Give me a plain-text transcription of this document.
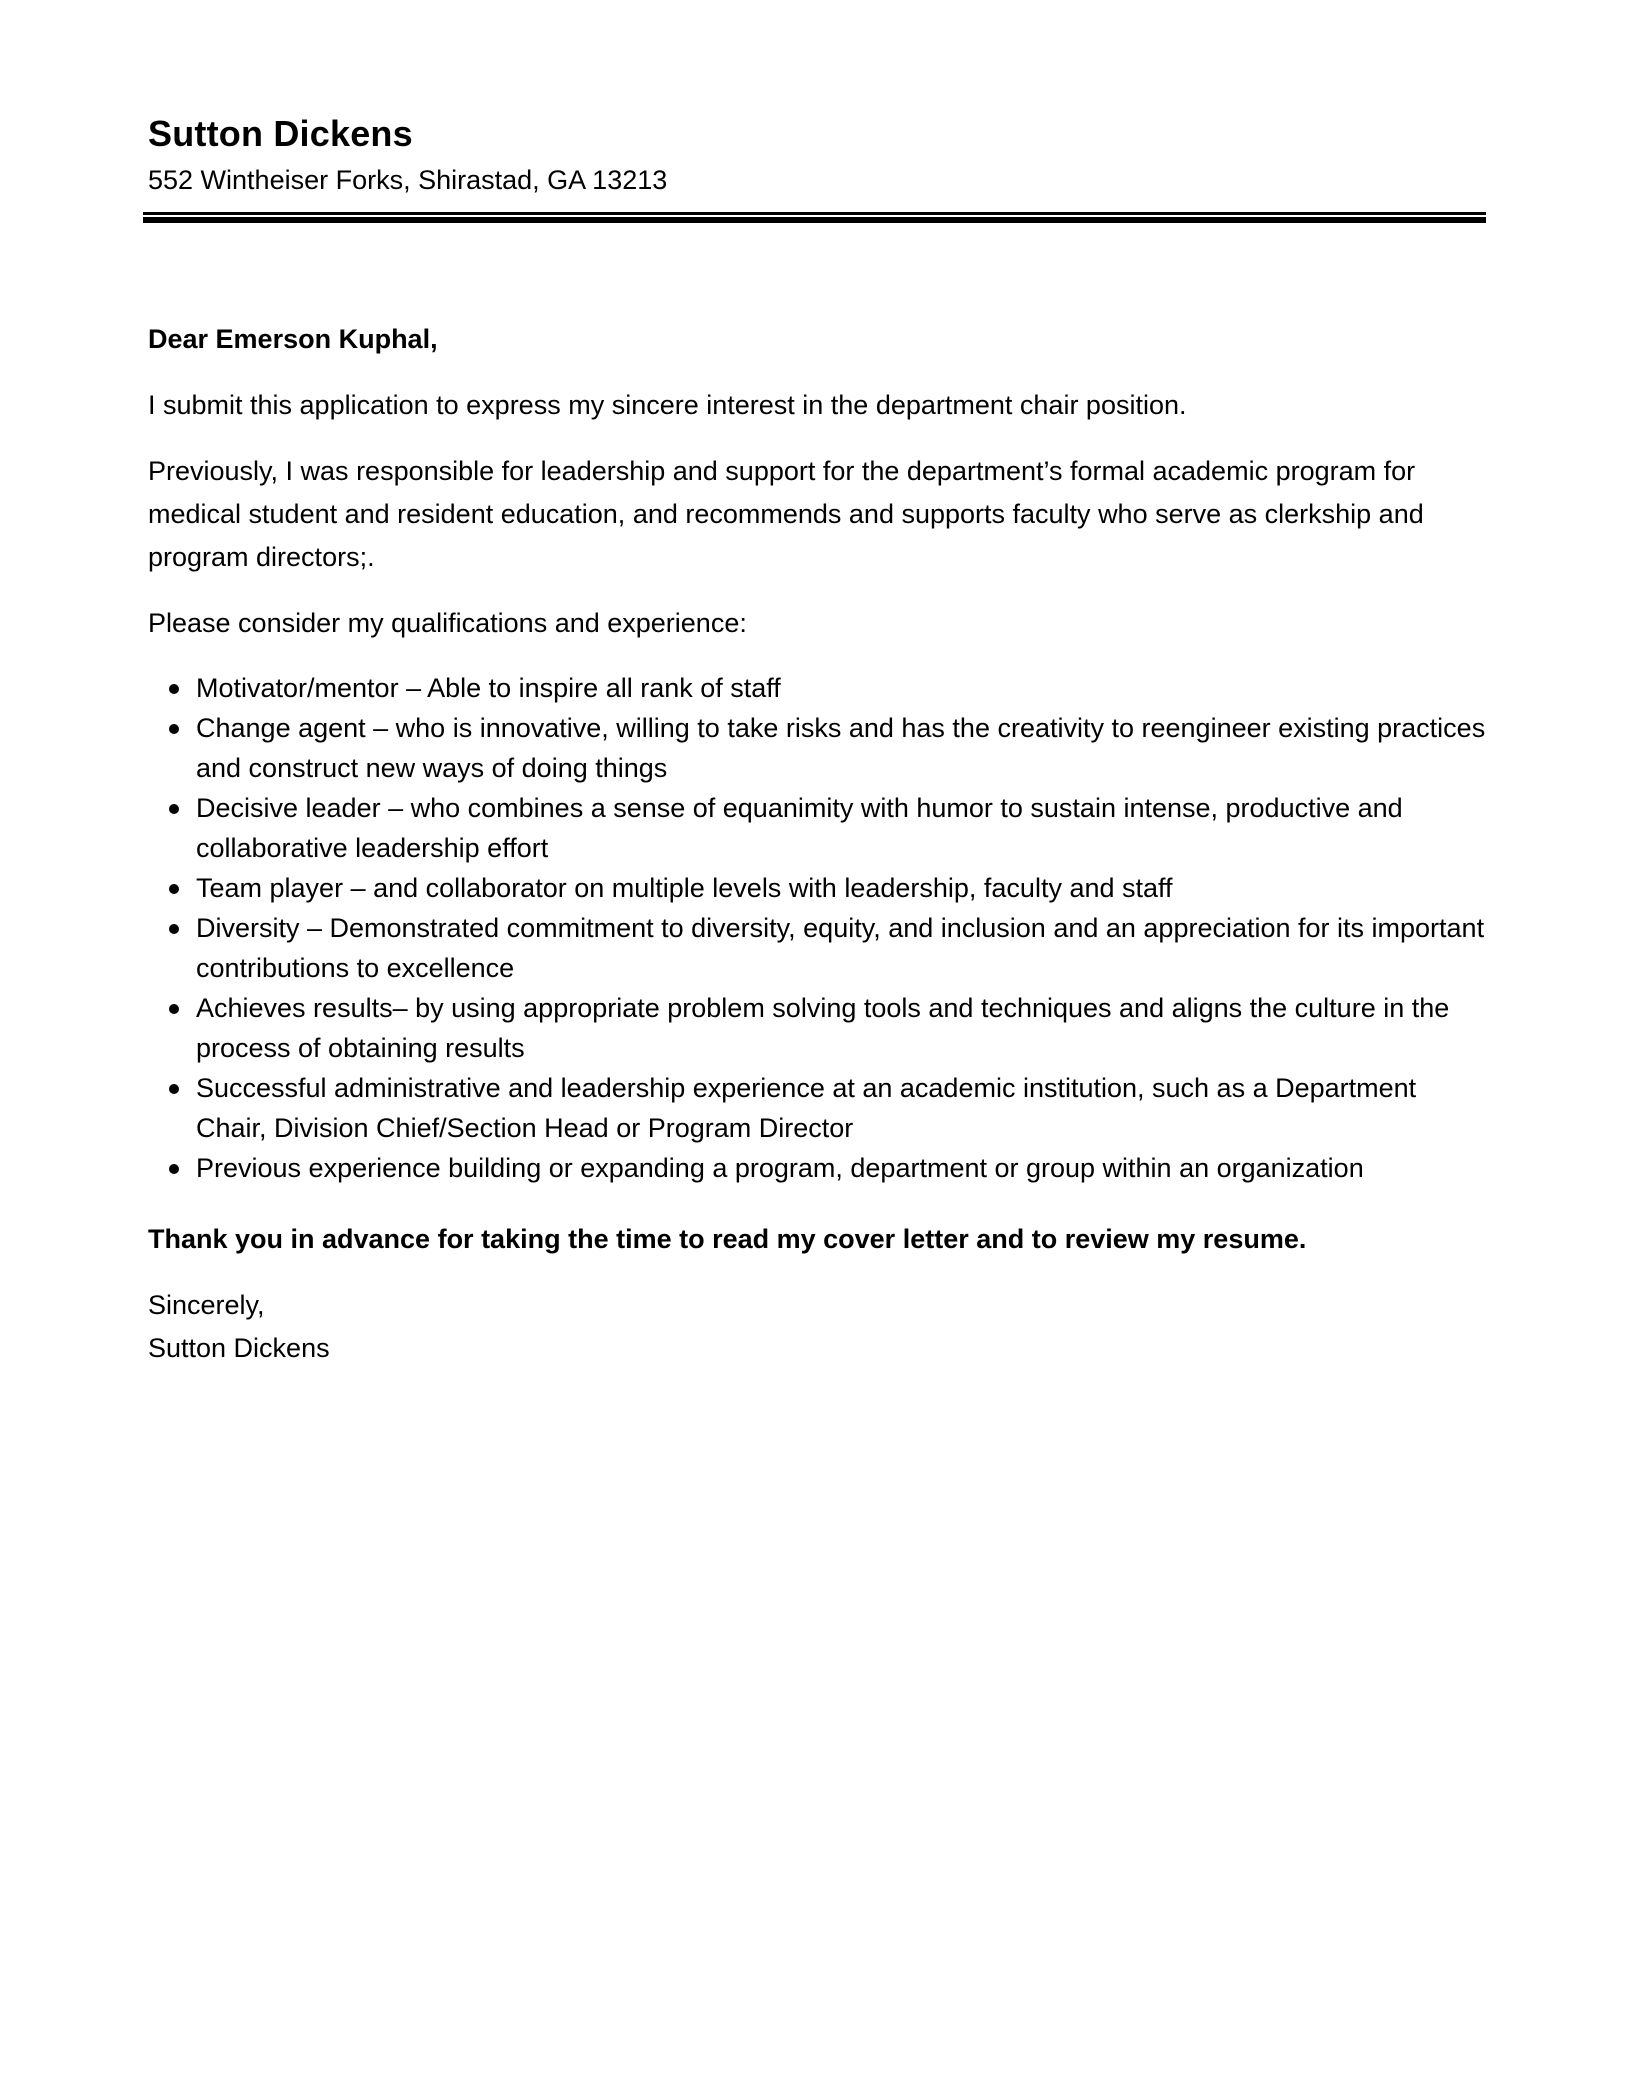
Sutton Dickens

552 Wintheiser Forks, Shirastad, GA 13213

Dear Emerson Kuphal,

I submit this application to express my sincere interest in the department chair position.

Previously, I was responsible for leadership and support for the department’s formal academic program for medical student and resident education, and recommends and supports faculty who serve as clerkship and program directors;.

Please consider my qualifications and experience:

Motivator/mentor – Able to inspire all rank of staff
Change agent – who is innovative, willing to take risks and has the creativity to reengineer existing practices and construct new ways of doing things
Decisive leader – who combines a sense of equanimity with humor to sustain intense, productive and collaborative leadership effort
Team player – and collaborator on multiple levels with leadership, faculty and staff
Diversity – Demonstrated commitment to diversity, equity, and inclusion and an appreciation for its important contributions to excellence
Achieves results– by using appropriate problem solving tools and techniques and aligns the culture in the process of obtaining results
Successful administrative and leadership experience at an academic institution, such as a Department Chair, Division Chief/Section Head or Program Director
Previous experience building or expanding a program, department or group within an organization

Thank you in advance for taking the time to read my cover letter and to review my resume.

Sincerely,

Sutton Dickens
